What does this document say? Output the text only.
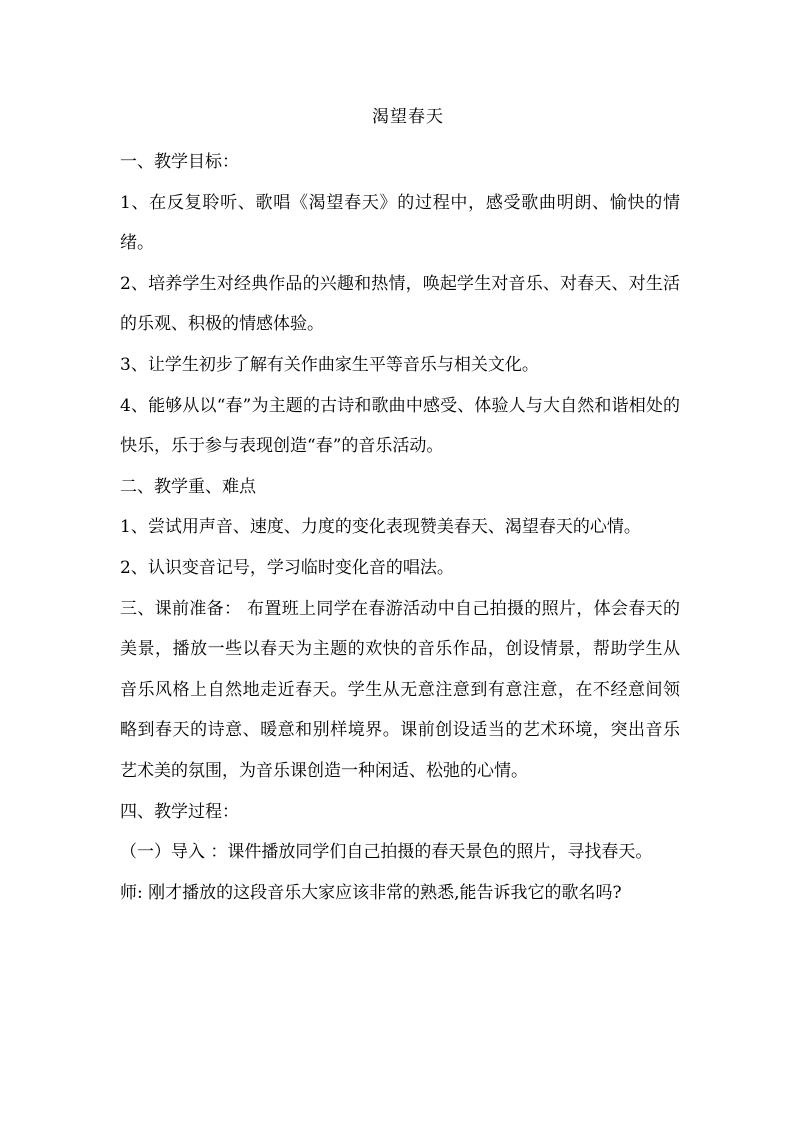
渴望春天

一、教学目标：

1、在反复聆听、歌唱《渴望春天》的过程中，感受歌曲明朗、愉快的情绪。

2、培养学生对经典作品的兴趣和热情，唤起学生对音乐、对春天、对生活的乐观、积极的情感体验。

3、让学生初步了解有关作曲家生平等音乐与相关文化。

4、能够从以“春”为主题的古诗和歌曲中感受、体验人与大自然和谐相处的快乐，乐于参与表现创造“春”的音乐活动。

二、教学重、难点

1、尝试用声音、速度、力度的变化表现赞美春天、渴望春天的心情。

2、认识变音记号，学习临时变化音的唱法。

三、课前准备： 布置班上同学在春游活动中自己拍摄的照片，体会春天的美景，播放一些以春天为主题的欢快的音乐作品，创设情景，帮助学生从音乐风格上自然地走近春天。学生从无意注意到有意注意，在不经意间领略到春天的诗意、暖意和别样境界。课前创设适当的艺术环境，突出音乐艺术美的氛围，为音乐课创造一种闲适、松弛的心情。

四、教学过程：

（一）导入 ：课件播放同学们自己拍摄的春天景色的照片，寻找春天。

师: 刚才播放的这段音乐大家应该非常的熟悉,能告诉我它的歌名吗?
